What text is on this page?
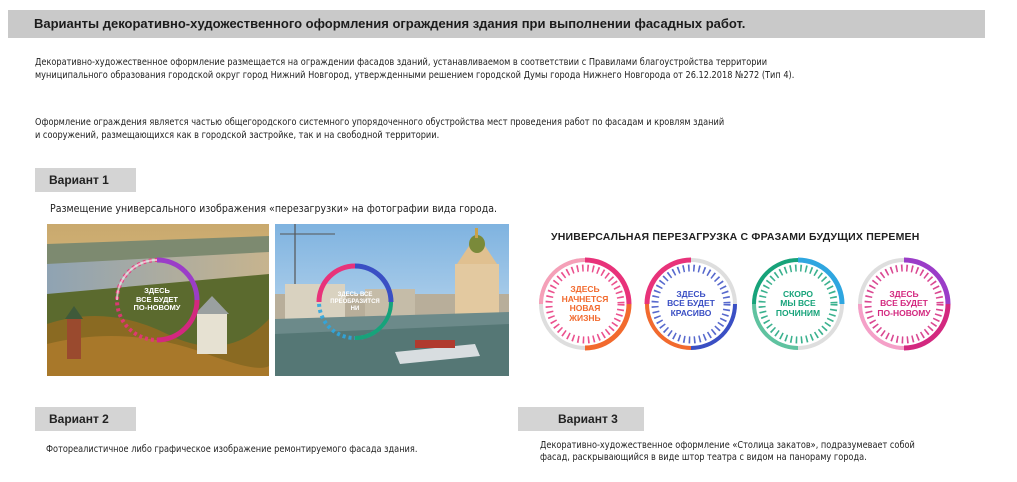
Варианты декоративно-художественного оформления ограждения здания при выполнении фасадных работ.
Декоративно-художественное оформление размещается на ограждении фасадов зданий, устанавливаемом в соответствии с Правилами благоустройства территории
муниципального образования городской округ город Нижний Новгород, утвержденными решением городской Думы города Нижнего Новгорода от 26.12.2018 №272 (Тип 4).
Оформление ограждения является частью общегородского системного упорядоченного обустройства мест проведения работ по фасадам и кровлям зданий
и сооружений, размещающихся как в городской застройке, так и на свободной территории.
Вариант 1
Размещение универсального изображения «перезагрузки» на фотографии вида города.
ЗДЕСЬ
ВСЕ БУДЕТ
ПО-НОВОМУ
ЗДЕСЬ ВСЕ
ПРЕОБРАЗИТСЯ
НИ
УНИВЕРСАЛЬНАЯ ПЕРЕЗАГРУЗКА С ФРАЗАМИ БУДУЩИХ ПЕРЕМЕН
ЗДЕСЬ
НАЧНЕТСЯ
НОВАЯ
ЖИЗНЬ
ЗДЕСЬ
ВСЕ БУДЕТ
КРАСИВО
СКОРО
МЫ ВСЕ
ПОЧИНИМ
ЗДЕСЬ
ВСЕ БУДЕТ
ПО-НОВОМУ
Вариант 2
Фотореалистичное либо графическое изображение ремонтируемого фасада здания.
Вариант 3
Декоративно-художественное оформление «Столица закатов», подразумевает собой
фасад, раскрывающийся в виде штор театра с видом на панораму города.
